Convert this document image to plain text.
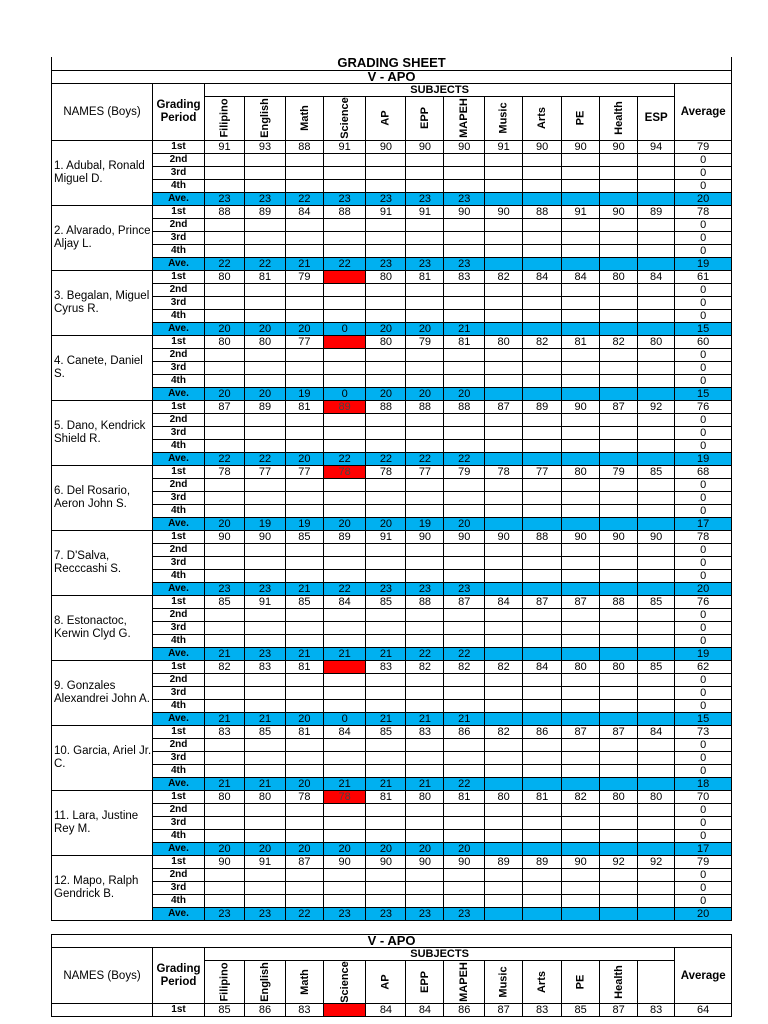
GRADING SHEET														
V - APO														
NAMES (Boys)	Grading Period	SUBJECTS												Average
		Filipino	English	Math	Science	AP	EPP	MAPEH	Music	Arts	PE	Health	ESP	
1. Adubal, Ronald Miguel D.	1st	91	93	88	91	90	90	90	91	90	90	90	94	79
	2nd													0
	3rd													0
	4th													0
	Ave.	23	23	22	23	23	23	23						20
2. Alvarado, Prince Aljay L.	1st	88	89	84	88	91	91	90	90	88	91	90	89	78
	2nd													0
	3rd													0
	4th													0
	Ave.	22	22	21	22	23	23	23						19
3. Begalan, Miguel Cyrus R.	1st	80	81	79		80	81	83	82	84	84	80	84	61
	2nd													0
	3rd													0
	4th													0
	Ave.	20	20	20	0	20	20	21						15
4. Canete, Daniel S.	1st	80	80	77		80	79	81	80	82	81	82	80	60
	2nd													0
	3rd													0
	4th													0
	Ave.	20	20	19	0	20	20	20						15
5. Dano, Kendrick Shield R.	1st	87	89	81	89	88	88	88	87	89	90	87	92	76
	2nd													0
	3rd													0
	4th													0
	Ave.	22	22	20	22	22	22	22						19
6. Del Rosario, Aeron John S.	1st	78	77	77	78	78	77	79	78	77	80	79	85	68
	2nd													0
	3rd													0
	4th													0
	Ave.	20	19	19	20	20	19	20						17
7. D'Salva, Recccashi S.	1st	90	90	85	89	91	90	90	90	88	90	90	90	78
	2nd													0
	3rd													0
	4th													0
	Ave.	23	23	21	22	23	23	23						20
8. Estonactoc, Kerwin Clyd G.	1st	85	91	85	84	85	88	87	84	87	87	88	85	76
	2nd													0
	3rd													0
	4th													0
	Ave.	21	23	21	21	21	22	22						19
9. Gonzales Alexandrei John A.	1st	82	83	81		83	82	82	82	84	80	80	85	62
	2nd													0
	3rd													0
	4th													0
	Ave.	21	21	20	0	21	21	21						15
10. Garcia, Ariel Jr. C.	1st	83	85	81	84	85	83	86	82	86	87	87	84	73
	2nd													0
	3rd													0
	4th													0
	Ave.	21	21	20	21	21	21	22						18
11. Lara, Justine Rey M.	1st	80	80	78	78	81	80	81	80	81	82	80	80	70
	2nd													0
	3rd													0
	4th													0
	Ave.	20	20	20	20	20	20	20						17
12. Mapo, Ralph Gendrick B.	1st	90	91	87	90	90	90	90	89	89	90	92	92	79
	2nd													0
	3rd													0
	4th													0
	Ave.	23	23	22	23	23	23	23						20
V - APO														
NAMES (Boys)	Grading Period	SUBJECTS												Average
		Filipino	English	Math	Science	AP	EPP	MAPEH	Music	Arts	PE	Health		
	1st	85	86	83		84	84	86	87	83	85	87	83	64
